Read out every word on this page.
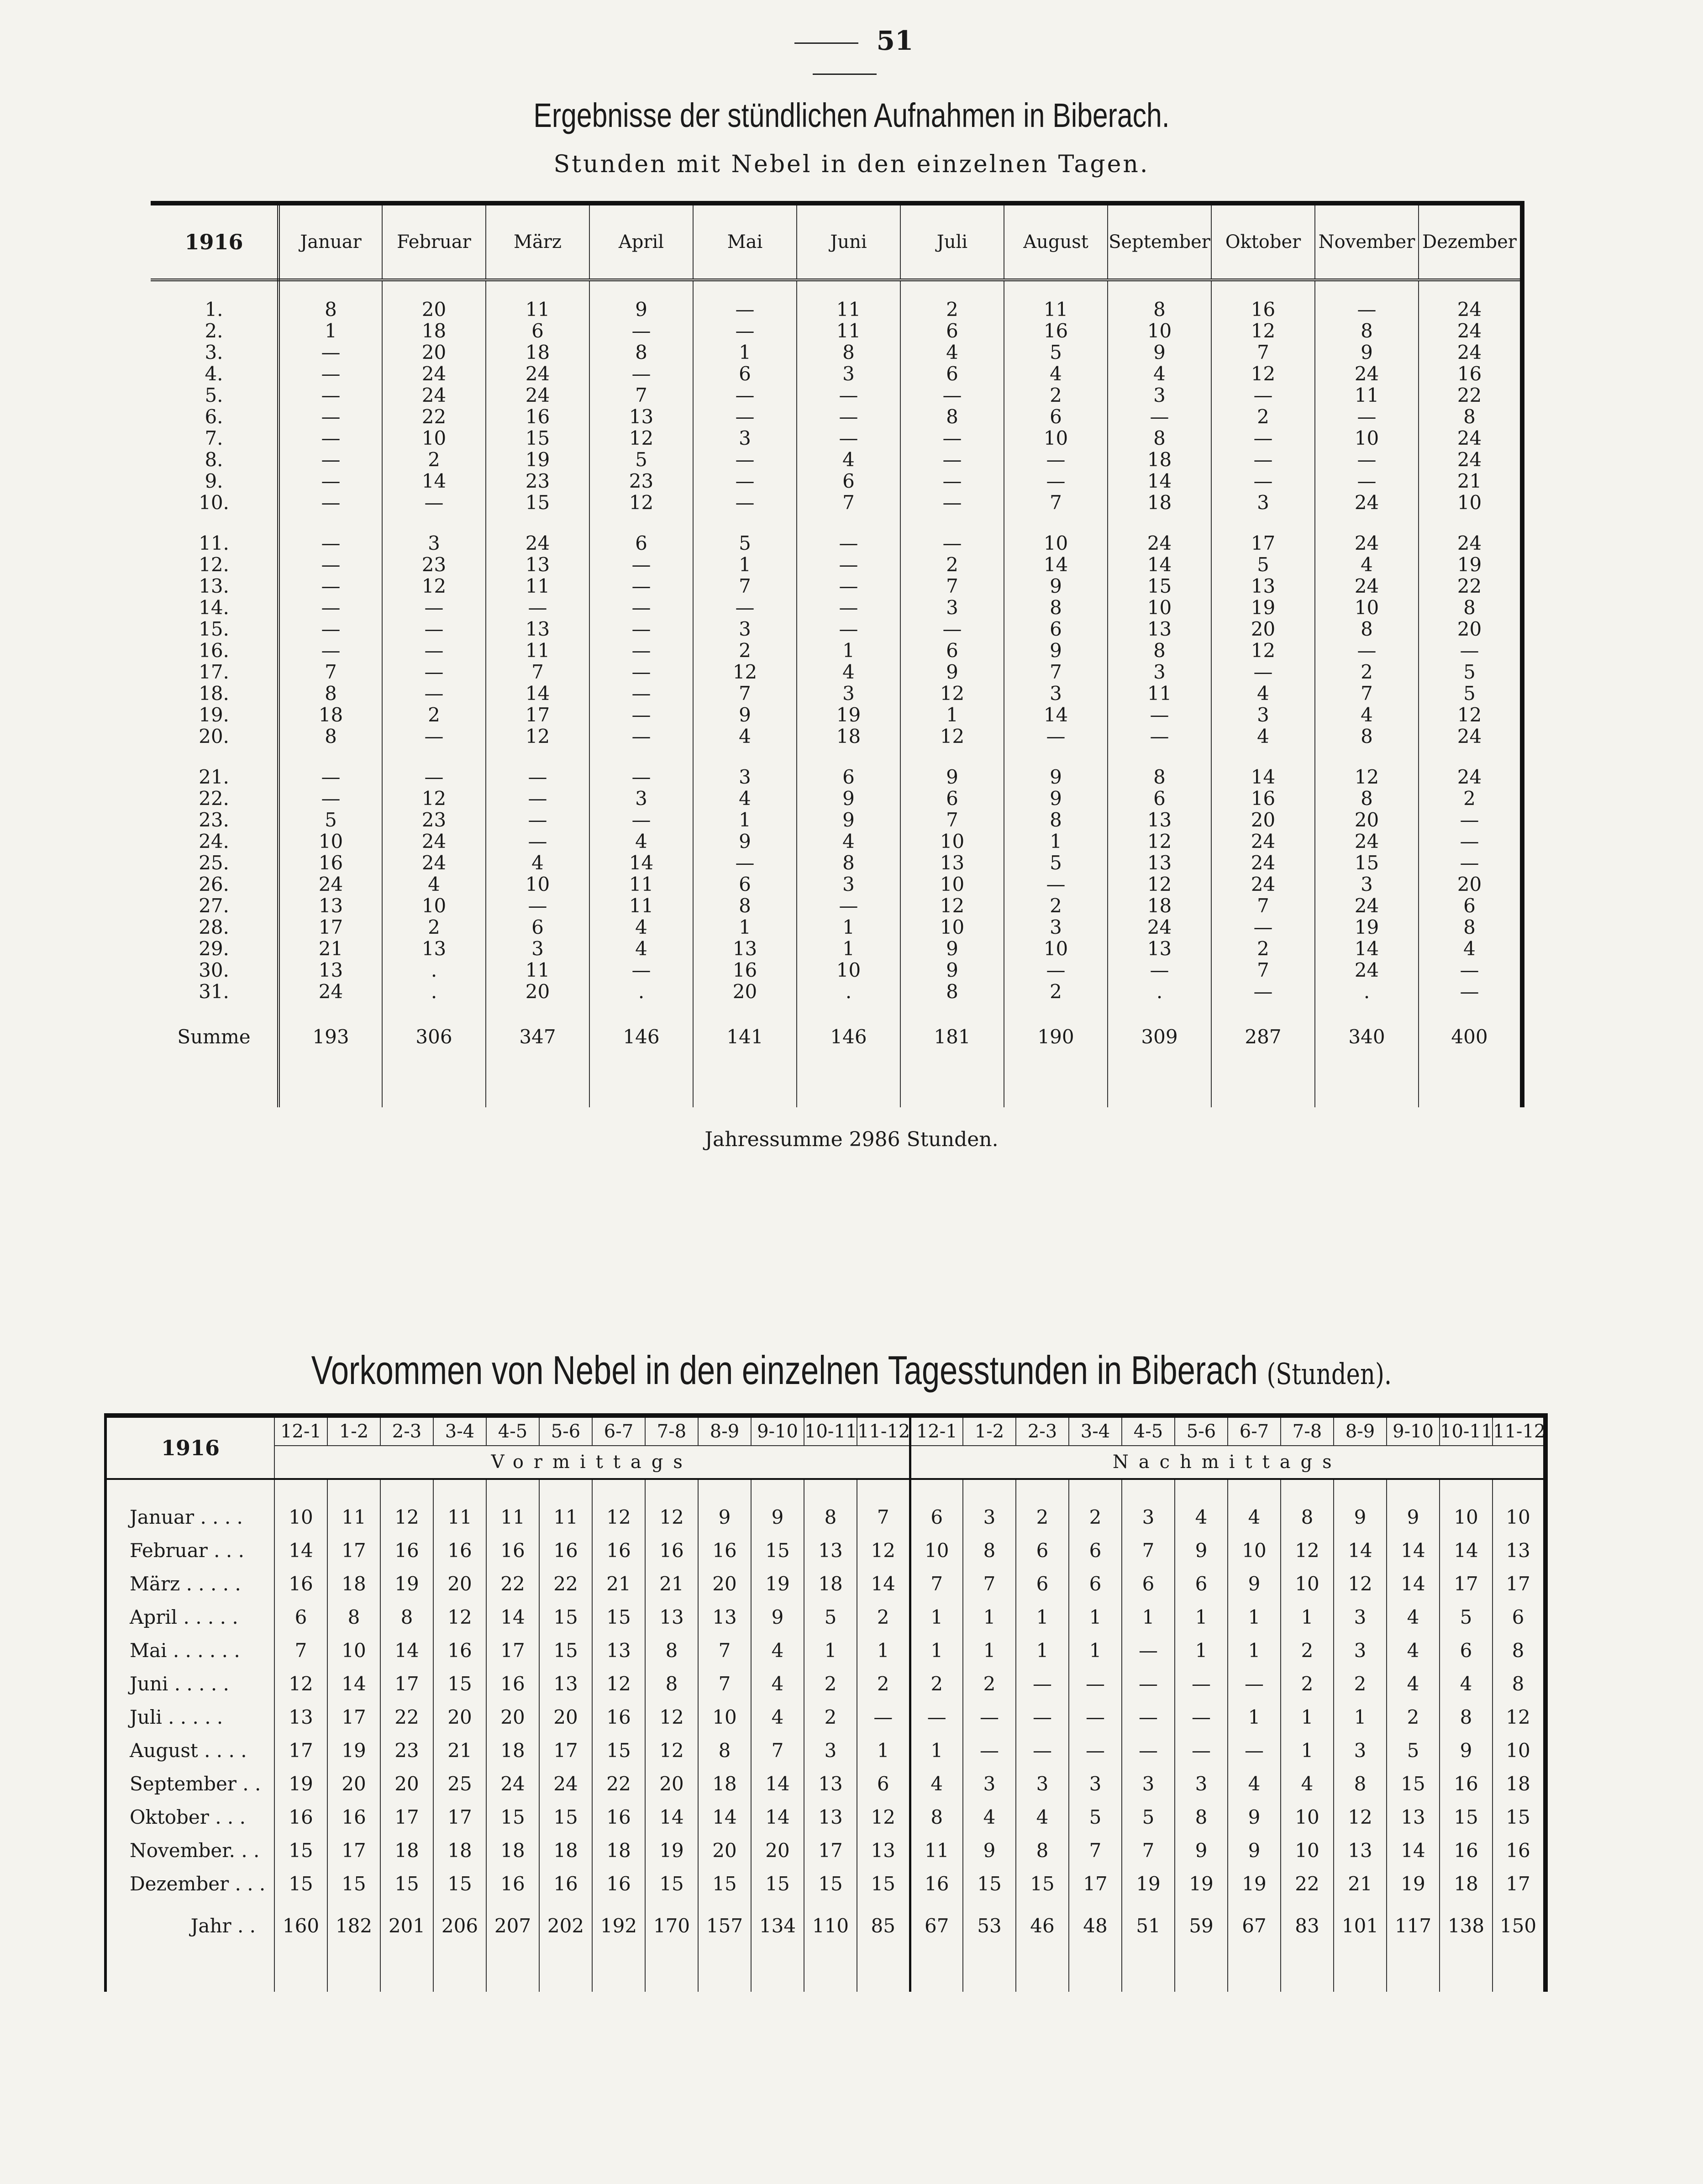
51
Ergebnisse der stündlichen Aufnahmen in Biberach.
Stunden mit Nebel in den einzelnen Tagen.
1916	Januar	Februar	März	April	Mai	Juni	Juli	August	September	Oktober	November	Dezember

1.	8	20	11	9	—	11	2	11	8	16	—	24
2.	1	18	6	—	—	11	6	16	10	12	8	24
3.	—	20	18	8	1	8	4	5	9	7	9	24
4.	—	24	24	—	6	3	6	4	4	12	24	16
5.	—	24	24	7	—	—	—	2	3	—	11	22
6.	—	22	16	13	—	—	8	6	—	2	—	8
7.	—	10	15	12	3	—	—	10	8	—	10	24
8.	—	2	19	5	—	4	—	—	18	—	—	24
9.	—	14	23	23	—	6	—	—	14	—	—	21
10.	—	—	15	12	—	7	—	7	18	3	24	10

11.	—	3	24	6	5	—	—	10	24	17	24	24
12.	—	23	13	—	1	—	2	14	14	5	4	19
13.	—	12	11	—	7	—	7	9	15	13	24	22
14.	—	—	—	—	—	—	3	8	10	19	10	8
15.	—	—	13	—	3	—	—	6	13	20	8	20
16.	—	—	11	—	2	1	6	9	8	12	—	—
17.	7	—	7	—	12	4	9	7	3	—	2	5
18.	8	—	14	—	7	3	12	3	11	4	7	5
19.	18	2	17	—	9	19	1	14	—	3	4	12
20.	8	—	12	—	4	18	12	—	—	4	8	24

21.	—	—	—	—	3	6	9	9	8	14	12	24
22.	—	12	—	3	4	9	6	9	6	16	8	2
23.	5	23	—	—	1	9	7	8	13	20	20	—
24.	10	24	—	4	9	4	10	1	12	24	24	—
25.	16	24	4	14	—	8	13	5	13	24	15	—
26.	24	4	10	11	6	3	10	—	12	24	3	20
27.	13	10	—	11	8	—	12	2	18	7	24	6
28.	17	2	6	4	1	1	10	3	24	—	19	8
29.	21	13	3	4	13	1	9	10	13	2	14	4
30.	13	.	11	—	16	10	9	—	—	7	24	—
31.	24	.	20	.	20	.	8	2	.	—	.	—
Summe	193	306	347	146	141	146	181	190	309	287	340	400

Jahressumme 2986 Stunden.
Vorkommen von Nebel in den einzelnen Tagesstunden in Biberach (Stunden).
1916	12-1	1-2	2-3	3-4	4-5	5-6	6-7	7-8	8-9	9-10	10-11	11-12	12-1	1-2	2-3	3-4	4-5	5-6	6-7	7-8	8-9	9-10	10-11	11-12
	Vormittags												Nachmittags											

Januar . . . .	10	11	12	11	11	11	12	12	9	9	8	7	6	3	2	2	3	4	4	8	9	9	10	10
Februar . . .	14	17	16	16	16	16	16	16	16	15	13	12	10	8	6	6	7	9	10	12	14	14	14	13
März . . . . .	16	18	19	20	22	22	21	21	20	19	18	14	7	7	6	6	6	6	9	10	12	14	17	17
April . . . . .	6	8	8	12	14	15	15	13	13	9	5	2	1	1	1	1	1	1	1	1	3	4	5	6
Mai . . . . . .	7	10	14	16	17	15	13	8	7	4	1	1	1	1	1	1	—	1	1	2	3	4	6	8
Juni . . . . .	12	14	17	15	16	13	12	8	7	4	2	2	2	2	—	—	—	—	—	2	2	4	4	8
Juli . . . . .	13	17	22	20	20	20	16	12	10	4	2	—	—	—	—	—	—	—	1	1	1	2	8	12
August . . . .	17	19	23	21	18	17	15	12	8	7	3	1	1	—	—	—	—	—	—	1	3	5	9	10
September . .	19	20	20	25	24	24	22	20	18	14	13	6	4	3	3	3	3	3	4	4	8	15	16	18
Oktober . . .	16	16	17	17	15	15	16	14	14	14	13	12	8	4	4	5	5	8	9	10	12	13	15	15
November. . .	15	17	18	18	18	18	18	19	20	20	17	13	11	9	8	7	7	9	9	10	13	14	16	16
Dezember . . .	15	15	15	15	16	16	16	15	15	15	15	15	16	15	15	17	19	19	19	22	21	19	18	17
Jahr . .	160	182	201	206	207	202	192	170	157	134	110	85	67	53	46	48	51	59	67	83	101	117	138	150
